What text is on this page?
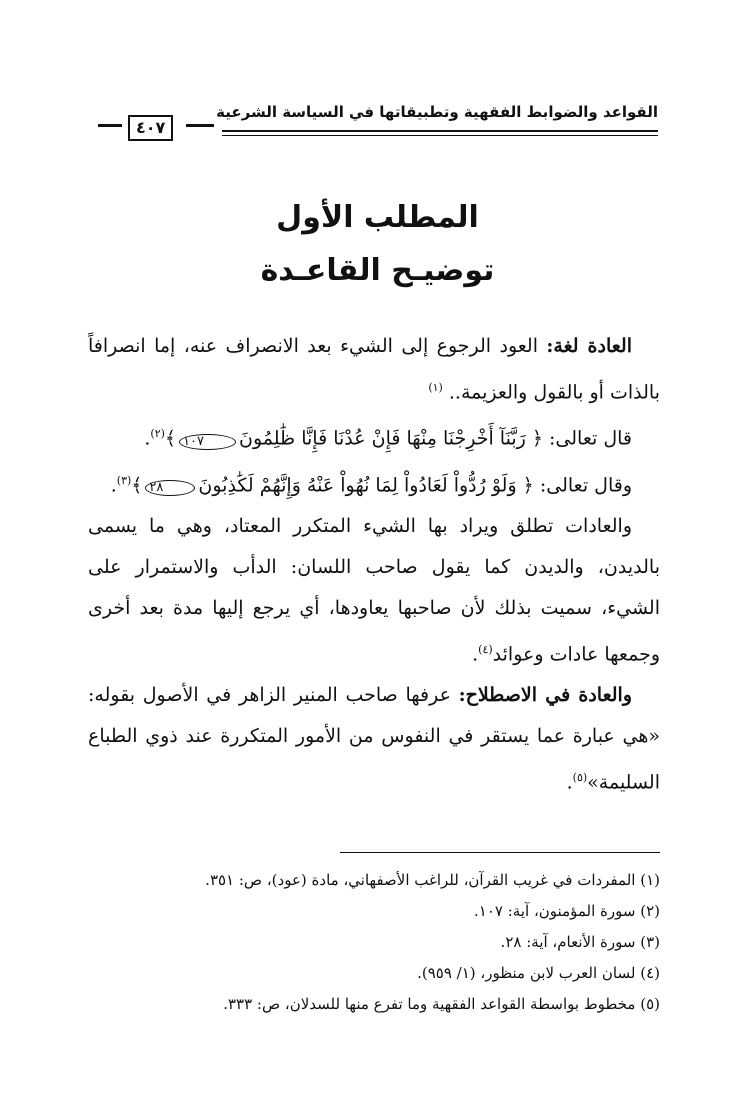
٤٠٧
القواعد والضوابط الفقهية وتطبيقاتها في السياسة الشرعية
المطلب الأول
توضيـح القاعـدة

العادة لغة: العود الرجوع إلى الشيء بعد الانصراف عنه، إما انصرافاً بالذات أو بالقول والعزيمة.. $^{(١)}$

قال تعالى: ﴿ رَبَّنَآ أَخْرِجْنَا مِنْهَا فَإِنْ عُدْنَا فَإِنَّا ظَٰلِمُونَ١٠٧﴾$^{(٢)}$.

وقال تعالى: ﴿ وَلَوْ رُدُّواْ لَعَادُواْ لِمَا نُهُواْ عَنْهُ وَإِنَّهُمْ لَكَٰذِبُونَ٢٨﴾$^{(٣)}$.

والعادات تطلق ويراد بها الشيء المتكرر المعتاد، وهي ما يسمى بالديدن، والديدن كما يقول صاحب اللسان: الدأب والاستمرار على الشيء، سميت بذلك لأن صاحبها يعاودها، أي يرجع إليها مدة بعد أخرى وجمعها عادات وعوائد$^{(٤)}$.

والعادة في الاصطلاح: عرفها صاحب المنير الزاهر في الأصول بقوله: «هي عبارة عما يستقر في النفوس من الأمور المتكررة عند ذوي الطباع السليمة»$^{(٥)}$.

(١) المفردات في غريب القرآن، للراغب الأصفهاني، مادة (عود)، ص: ٣٥١.
(٢) سورة المؤمنون، آية: ١٠٧.
(٣) سورة الأنعام، آية: ٢٨.
(٤) لسان العرب لابن منظور، (١/ ٩٥٩).
(٥) مخطوط بواسطة القواعد الفقهية وما تفرع منها للسدلان، ص: ٣٣٣.
